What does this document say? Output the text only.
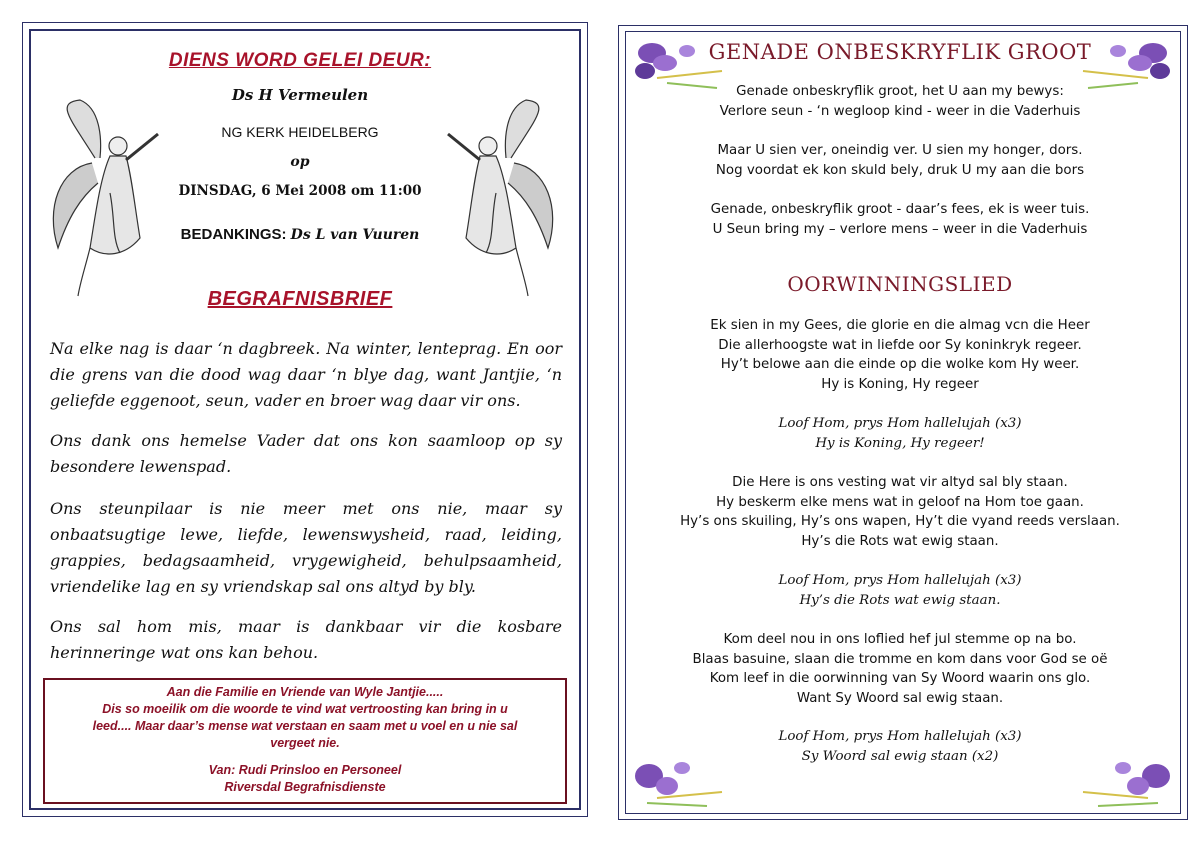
DIENS WORD GELEI DEUR:
Ds H Vermeulen
NG KERK HEIDELBERG
op
DINSDAG, 6 Mei 2008 om 11:00
BEDANKINGS: Ds L van Vuuren
BEGRAFNISBRIEF
Na elke nag is daar ‘n dagbreek. Na winter, lenteprag. En oor die grens van die dood wag daar ‘n blye dag, want Jantjie, ‘n geliefde eggenoot, seun, vader en broer wag daar vir ons.
Ons dank ons hemelse Vader dat ons kon saamloop op sy besondere lewenspad.
Ons steunpilaar is nie meer met ons nie, maar sy onbaatsugtige lewe, liefde, lewenswysheid, raad, leiding, grappies, bedagsaamheid, vrygewigheid, behulpsaamheid, vriendelike lag en sy vriendskap sal ons altyd by bly.
Ons sal hom mis, maar is dankbaar vir die kosbare herinneringe wat ons kan behou.
Aan die Familie en Vriende van Wyle Jantjie.....
Dis so moeilik om die woorde te vind wat vertroosting kan bring in u
leed.... Maar daar’s mense wat verstaan en saam met u voel en u nie sal
vergeet nie.
Van: Rudi Prinsloo en Personeel
Riversdal Begrafnisdienste
GENADE ONBESKRYFLIK GROOT
Genade onbeskryflik groot, het U aan my bewys:
Verlore seun - ‘n wegloop kind - weer in die Vaderhuis
Maar U sien ver, oneindig ver. U sien my honger, dors.
Nog voordat ek kon skuld bely, druk U my aan die bors
Genade, onbeskryflik groot - daar’s fees, ek is weer tuis.
U Seun bring my – verlore mens – weer in die Vaderhuis
OORWINNINGSLIED
Ek sien in my Gees, die glorie en die almag vcn die Heer
Die allerhoogste wat in liefde oor Sy koninkryk regeer.
Hy’t belowe aan die einde op die wolke kom Hy weer.
Hy is Koning, Hy regeer
Loof Hom, prys Hom hallelujah (x3)
Hy is Koning, Hy regeer!
Die Here is ons vesting wat vir altyd sal bly staan.
Hy beskerm elke mens wat in geloof na Hom toe gaan.
Hy’s ons skuiling, Hy’s ons wapen, Hy’t die vyand reeds verslaan.
Hy’s die Rots wat ewig staan.
Loof Hom, prys Hom hallelujah (x3)
Hy’s die Rots wat ewig staan.
Kom deel nou in ons loflied hef jul stemme op na bo.
Blaas basuine, slaan die tromme en kom dans voor God se oë
Kom leef in die oorwinning van Sy Woord waarin ons glo.
Want Sy Woord sal ewig staan.
Loof Hom, prys Hom hallelujah (x3)
Sy Woord sal ewig staan (x2)
